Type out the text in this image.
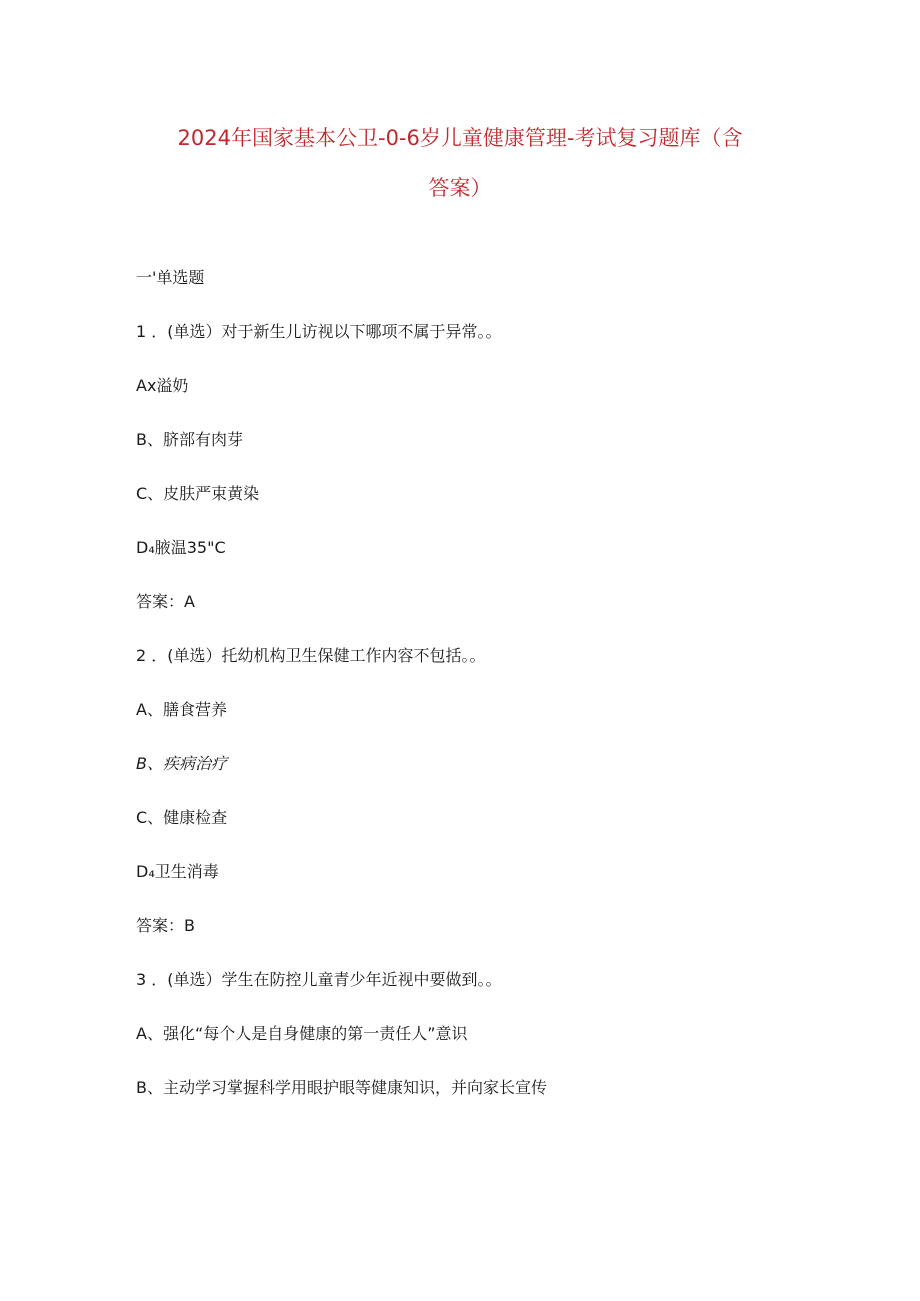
2024年国家基本公卫-0-6岁儿童健康管理-考试复习题库（含
答案）
一'单选题
1 ．(单选）对于新生儿访视以下哪项不属于异常。。
Ax溢奶
B、脐部有肉芽
C、皮肤严束黄染
D₄腋温35"C
答案：A
2 ．(单选）托幼机构卫生保健工作内容不包括。。
A、膳食营养
B、疾病治疗
C、健康检查
D₄卫生消毒
答案：B
3 ．(单选）学生在防控儿童青少年近视中要做到。。
A、强化“每个人是自身健康的第一责任人”意识
B、主动学习掌握科学用眼护眼等健康知识，并向家长宣传
